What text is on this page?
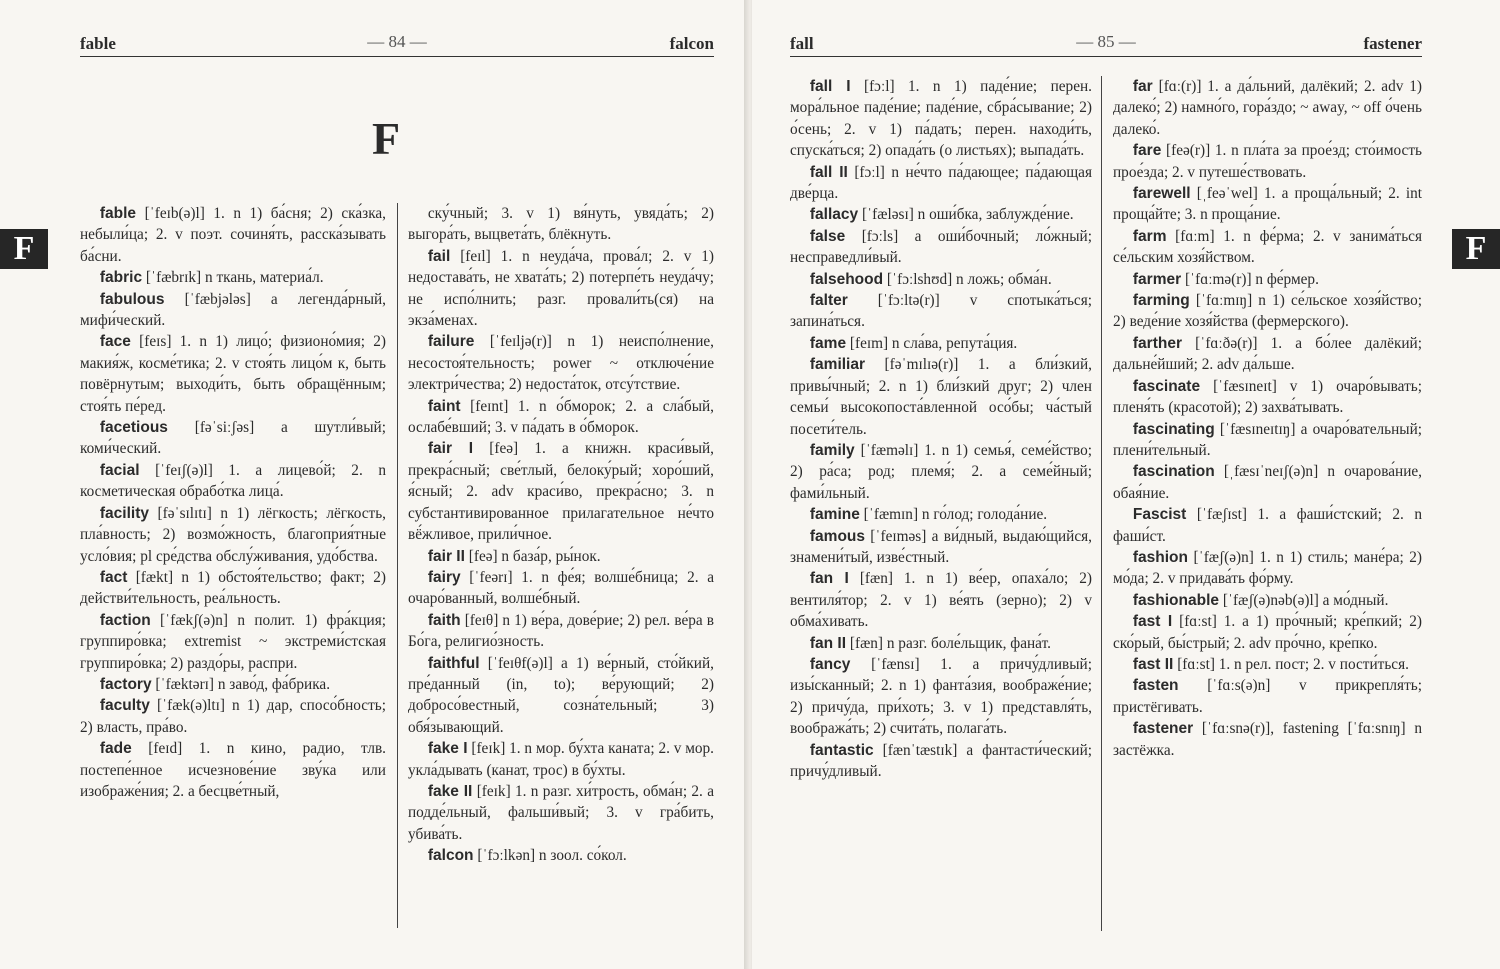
fable	— 84 —	falcon
F
F

fable [ˈfeɪb(ə)l] 1. n 1) ба́сня; 2) ска́зка, небыли́ца; 2. v поэт. сочиня́ть, расска́зывать ба́сни.

fabric [ˈfæbrɪk] n ткань, материа́л.

fabulous [ˈfæbjələs] a легенда́рный, мифи́ческий.

face [feɪs] 1. n 1) лицо́; физионо́мия; 2) макия́ж, косме́тика; 2. v стоя́ть лицо́м к, быть повёрнутым; выходи́ть, быть обращённым; стоя́ть пе́ред.

facetious [fəˈsiːʃəs] a шутли́вый; коми́ческий.

facial [ˈfeɪʃ(ə)l] 1. a лицево́й; 2. n косметическая обрабо́тка лица́.

facility [fəˈsɪlɪtɪ] n 1) лёгкость; лёгкость, пла́вность; 2) возмо́жность, благоприя́тные усло́вия; pl сре́дства обслу́живания, удо́бства.

fact [fækt] n 1) обстоя́тельство; факт; 2) действи́тельность, реа́льность.

faction [ˈfækʃ(ə)n] n полит. 1) фра́кция; группиро́вка; extremist ~ экстреми́стская группиро́вка; 2) раздо́ры, распри.

factory [ˈfæktərɪ] n заво́д, фа́брика.

faculty [ˈfæk(ə)ltɪ] n 1) дар, спосо́бность; 2) власть, пра́во.

fade [feɪd] 1. n кино, радио, тлв. постепе́нное исчезнове́ние зву́ка или изображе́ния; 2. a бесцве́тный,

ску́чный; 3. v 1) вя́нуть, увяда́ть; 2) выгора́ть, выцвета́ть, блёкнуть.

fail [feɪl] 1. n неуда́ча, прова́л; 2. v 1) недостава́ть, не хвата́ть; 2) потерпе́ть неуда́чу; не испо́лнить; разг. провали́ть(ся) на экза́менах.

failure [ˈfeɪljə(r)] n 1) неиспо́лнение, несостоя́тельность; power ~ отключе́ние электри́чества; 2) недоста́ток, отсу́тствие.

faint [feɪnt] 1. n о́бморок; 2. a сла́бый, ослабе́вший; 3. v па́дать в о́бморок.

fair I [feə] 1. a книжн. краси́вый, прекра́сный; све́тлый, белоку́рый; хоро́ший, я́сный; 2. adv краси́во, прекра́сно; 3. n субстантивированное прилагательное не́что вё́жливое, прили́чное.

fair II [feə] n база́р, ры́нок.

fairy [ˈfeərɪ] 1. n фе́я; волше́бница; 2. a очаро́ванный, волше́бный.

faith [feɪθ] n 1) ве́ра, дове́рие; 2) рел. ве́ра в Бо́га, религио́зность.

faithful [ˈfeɪθf(ə)l] a 1) ве́рный, сто́йкий, пре́данный (in, to); ве́рующий; 2) добросо́вестный, созна́тельный; 3) обя́зывающий.

fake I [feɪk] 1. n мор. бу́хта каната; 2. v мор. укла́дывать (канат, трос) в бу́хты.

fake II [feɪk] 1. n разг. хи́трость, обма́н; 2. a подде́льный, фальши́вый; 3. v гра́бить, убива́ть.

falcon [ˈfɔːlkən] n зоол. со́кол.

fall	— 85 —	fastener
F

fall I [fɔːl] 1. n 1) паде́ние; перен. мора́льное паде́ние; паде́ние, сбра́сывание; 2) о́сень; 2. v 1) па́дать; перен. находи́ть, спуска́ться; 2) опада́ть (о листьях); выпада́ть.

fall II [fɔːl] n не́что па́дающее; па́дающая две́рца.

fallacy [ˈfæləsɪ] n оши́бка, заблужде́ние.

false [fɔːls] a оши́бочный; ло́жный; несправедли́вый.

falsehood [ˈfɔːlshʊd] n ложь; обма́н.

falter [ˈfɔːltə(r)] v спотыка́ться; запина́ться.

fame [feɪm] n сла́ва, репута́ция.

familiar [fəˈmɪlɪə(r)] 1. a бли́зкий, привы́чный; 2. n 1) бли́зкий друг; 2) член семьи́ высокопоста́вленной осо́бы; ча́стый посети́тель.

family [ˈfæməlɪ] 1. n 1) семья́, семе́йство; 2) ра́са; род; племя́; 2. a семе́йный; фами́льный.

famine [ˈfæmɪn] n го́лод; голода́ние.

famous [ˈfeɪməs] a ви́дный, выдаю́щийся, знамени́тый, изве́стный.

fan I [fæn] 1. n 1) ве́ер, опаха́ло; 2) вентиля́тор; 2. v 1) ве́ять (зерно); 2) v обма́хивать.

fan II [fæn] n разг. боле́льщик, фана́т.

fancy [ˈfænsɪ] 1. a причу́дливый; изы́сканный; 2. n 1) фанта́зия, воображе́ние; 2) причу́да, при́хоть; 3. v 1) представля́ть, вообража́ть; 2) счита́ть, полага́ть.

fantastic [fænˈtæstɪk] a фантасти́ческий; причу́дливый.

far [fɑː(r)] 1. a да́льний, далёкий; 2. adv 1) далеко́; 2) намно́го, гора́здо; ~ away, ~ off о́чень далеко́.

fare [feə(r)] 1. n пла́та за прое́зд; сто́имость прое́зда; 2. v путеше́ствовать.

farewell [ˌfeəˈwel] 1. a проща́льный; 2. int проща́йте; 3. n проща́ние.

farm [fɑːm] 1. n фе́рма; 2. v занима́ться се́льским хозя́йством.

farmer [ˈfɑːmə(r)] n фе́рмер.

farming [ˈfɑːmɪŋ] n 1) се́льское хозя́йство; 2) веде́ние хозя́йства (фермерского).

farther [ˈfɑːðə(r)] 1. a бо́лее далёкий; дальне́йший; 2. adv да́льше.

fascinate [ˈfæsɪneɪt] v 1) очаро́вывать; пленя́ть (красотой); 2) захва́тывать.

fascinating [ˈfæsɪneɪtɪŋ] a очаро́вательный; плени́тельный.

fascination [ˌfæsɪˈneɪʃ(ə)n] n очарова́ние, обая́ние.

Fascist [ˈfæʃɪst] 1. a фаши́стский; 2. n фаши́ст.

fashion [ˈfæʃ(ə)n] 1. n 1) стиль; мане́ра; 2) мо́да; 2. v придава́ть фо́рму.

fashionable [ˈfæʃ(ə)nəb(ə)l] a мо́дный.

fast I [fɑːst] 1. a 1) про́чный; кре́пкий; 2) ско́рый, бы́стрый; 2. adv про́чно, кре́пко.

fast II [fɑːst] 1. n рел. пост; 2. v пости́ться.

fasten [ˈfɑːs(ə)n] v прикрепля́ть; пристёгивать.

fastener [ˈfɑːsnə(r)], fastening [ˈfɑːsnɪŋ] n застёжка.
